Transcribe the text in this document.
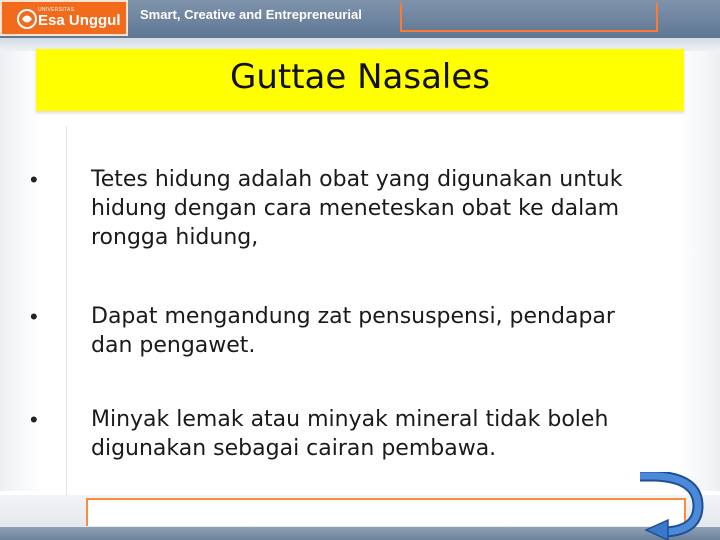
UNIVERSITAS
Esa Unggul Smart, Creative and Entrepreneurial
Guttae Nasales
•	Tetes hidung adalah obat yang digunakan untuk hidung dengan cara meneteskan obat ke dalam rongga hidung,
•	Dapat mengandung zat pensuspensi, pendapar dan pengawet.
•	Minyak lemak atau minyak mineral tidak boleh digunakan sebagai cairan pembawa.
